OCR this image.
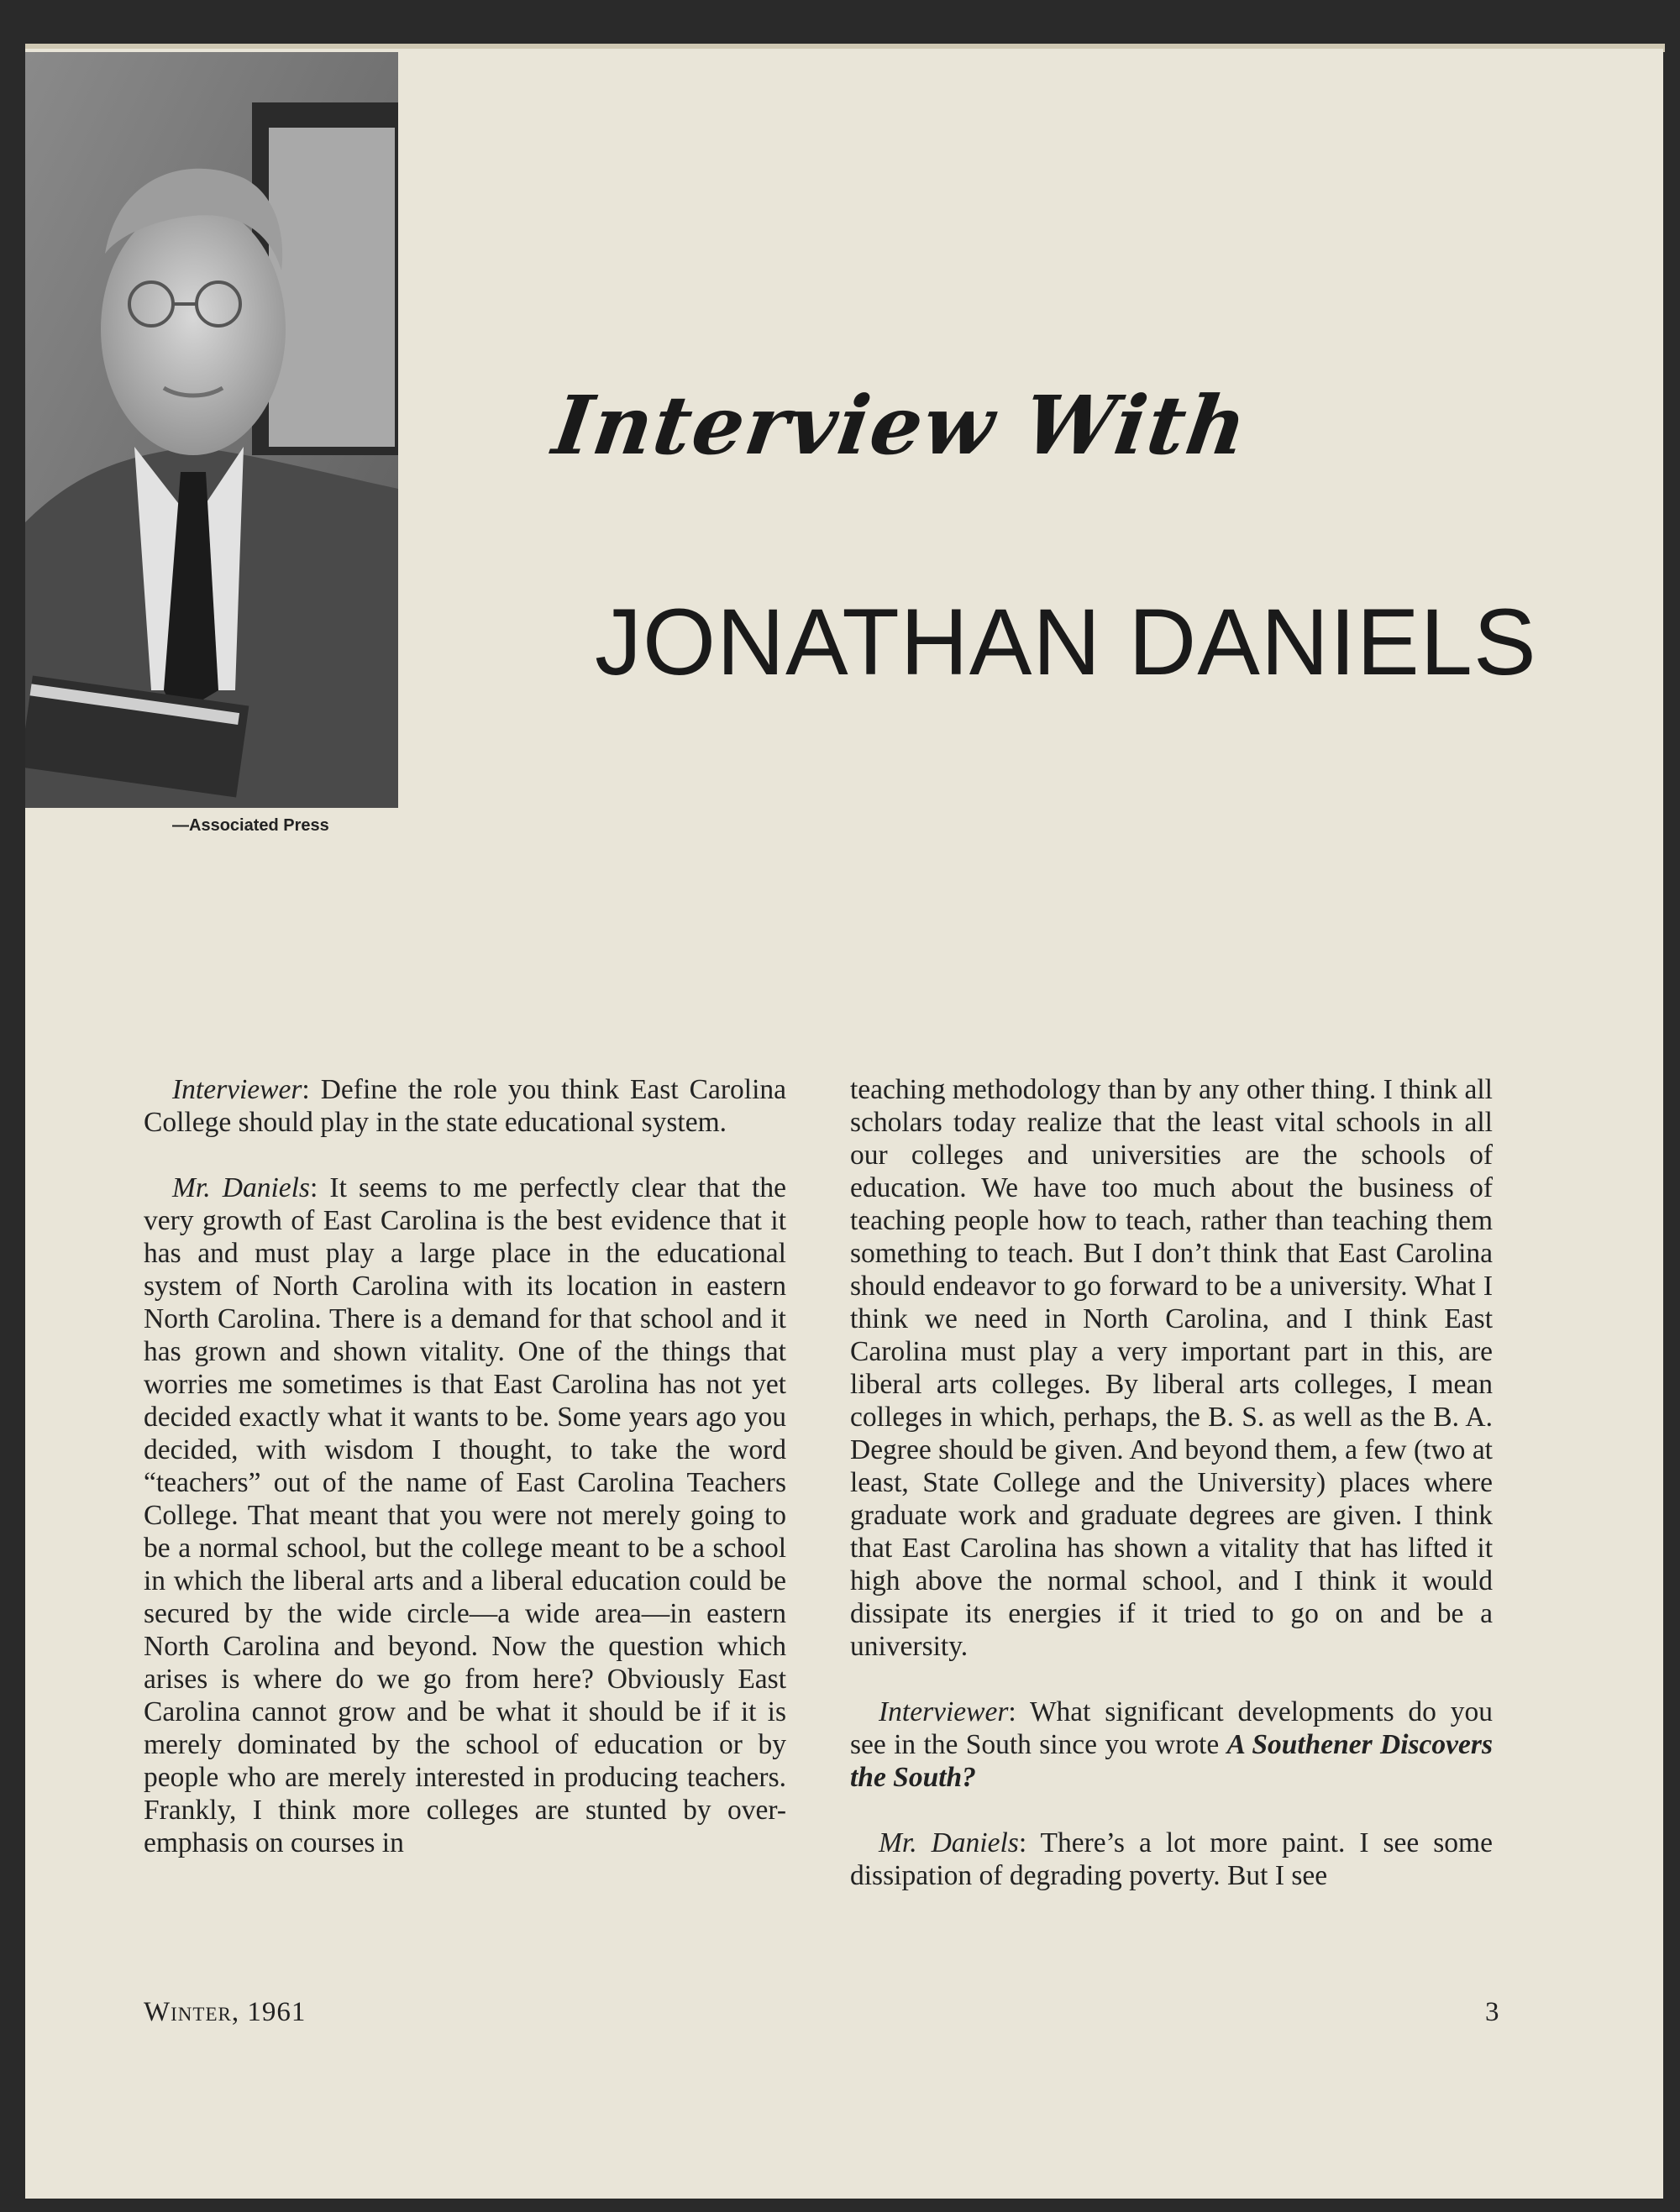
—Associated Press
Interview With
JONATHAN DANIELS

Interviewer: Define the role you think East Carolina College should play in the state educational system.

Mr. Daniels: It seems to me perfectly clear that the very growth of East Carolina is the best evidence that it has and must play a large place in the educational system of North Carolina with its location in eastern North Carolina. There is a demand for that school and it has grown and shown vitality. One of the things that worries me sometimes is that East Carolina has not yet decided exactly what it wants to be. Some years ago you decided, with wisdom I thought, to take the word “teachers” out of the name of East Carolina Teachers College. That meant that you were not merely going to be a normal school, but the college meant to be a school in which the liberal arts and a liberal education could be secured by the wide circle—a wide area—in eastern North Carolina and beyond. Now the question which arises is where do we go from here? Obviously East Carolina cannot grow and be what it should be if it is merely dominated by the school of education or by people who are merely interested in producing teachers. Frankly, I think more colleges are stunted by over-emphasis on courses in

teaching methodology than by any other thing. I think all scholars today realize that the least vital schools in all our colleges and universities are the schools of education. We have too much about the business of teaching people how to teach, rather than teaching them something to teach. But I don’t think that East Carolina should endeavor to go forward to be a university. What I think we need in North Carolina, and I think East Carolina must play a very important part in this, are liberal arts colleges. By liberal arts colleges, I mean colleges in which, perhaps, the B. S. as well as the B. A. Degree should be given. And beyond them, a few (two at least, State College and the University) places where graduate work and graduate degrees are given. I think that East Carolina has shown a vitality that has lifted it high above the normal school, and I think it would dissipate its energies if it tried to go on and be a university.

Interviewer: What significant developments do you see in the South since you wrote A Southener Discovers the South?

Mr. Daniels: There’s a lot more paint. I see some dissipation of degrading poverty. But I see

Winter, 1961	3
